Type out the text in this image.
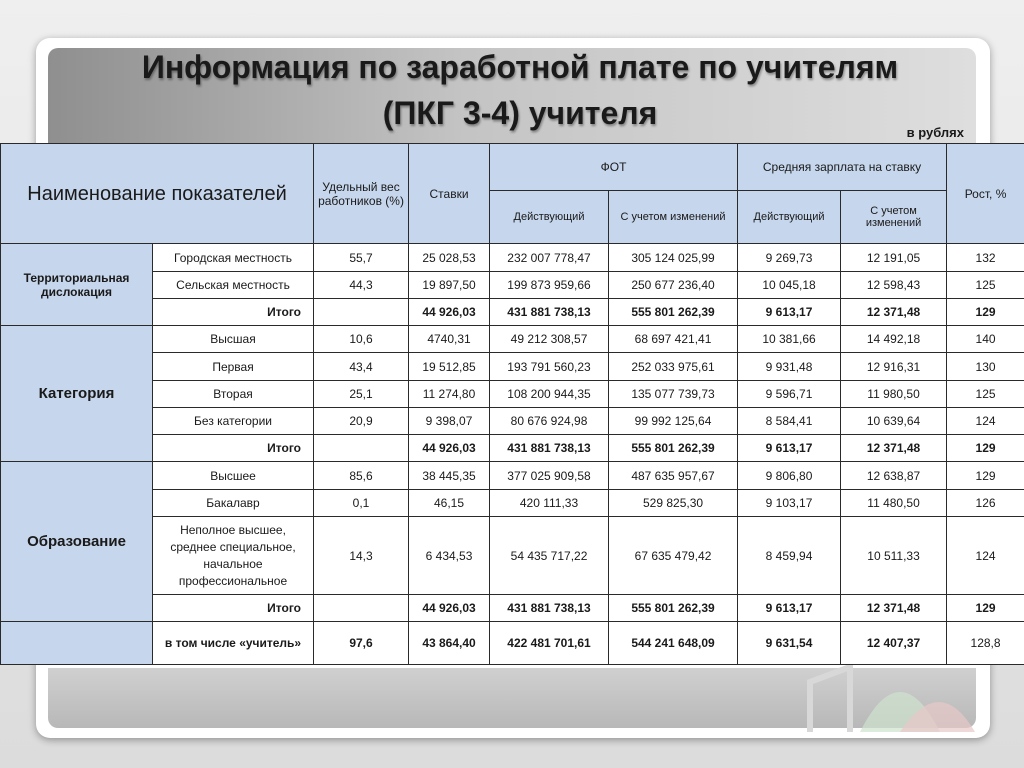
Информация по заработной плате по учителям
(ПКГ 3-4) учителя
в рублях
Наименование показателей		Удельный вес работников (%)	Ставки	ФОТ		Средняя зарплата на ставку		Рост, %
				Действующий	С учетом изменений	Действующий	С учетом изменений	
Территориальная дислокация	Городская местность	55,7	25 028,53	232 007 778,47	305 124 025,99	9 269,73	12 191,05	132
	Сельская местность	44,3	19 897,50	199 873 959,66	250 677 236,40	10 045,18	12 598,43	125
	Итого		44 926,03	431 881 738,13	555 801 262,39	9 613,17	12 371,48	129
Категория	Высшая	10,6	4740,31	49 212 308,57	68 697 421,41	10 381,66	14 492,18	140
	Первая	43,4	19 512,85	193 791 560,23	252 033 975,61	9 931,48	12 916,31	130
	Вторая	25,1	11 274,80	108 200 944,35	135 077 739,73	9 596,71	11 980,50	125
	Без категории	20,9	9 398,07	80 676 924,98	99 992 125,64	8 584,41	10 639,64	124
	Итого		44 926,03	431 881 738,13	555 801 262,39	9 613,17	12 371,48	129
Образование	Высшее	85,6	38 445,35	377 025 909,58	487 635 957,67	9 806,80	12 638,87	129
	Бакалавр	0,1	46,15	420 111,33	529 825,30	9 103,17	11 480,50	126
	Неполное высшее, среднее специальное, начальное профессиональное	14,3	6 434,53	54 435 717,22	67 635 479,42	8 459,94	10 511,33	124
	Итого		44 926,03	431 881 738,13	555 801 262,39	9 613,17	12 371,48	129
	в том числе «учитель»	97,6	43 864,40	422 481 701,61	544 241 648,09	9 631,54	12 407,37	128,8
